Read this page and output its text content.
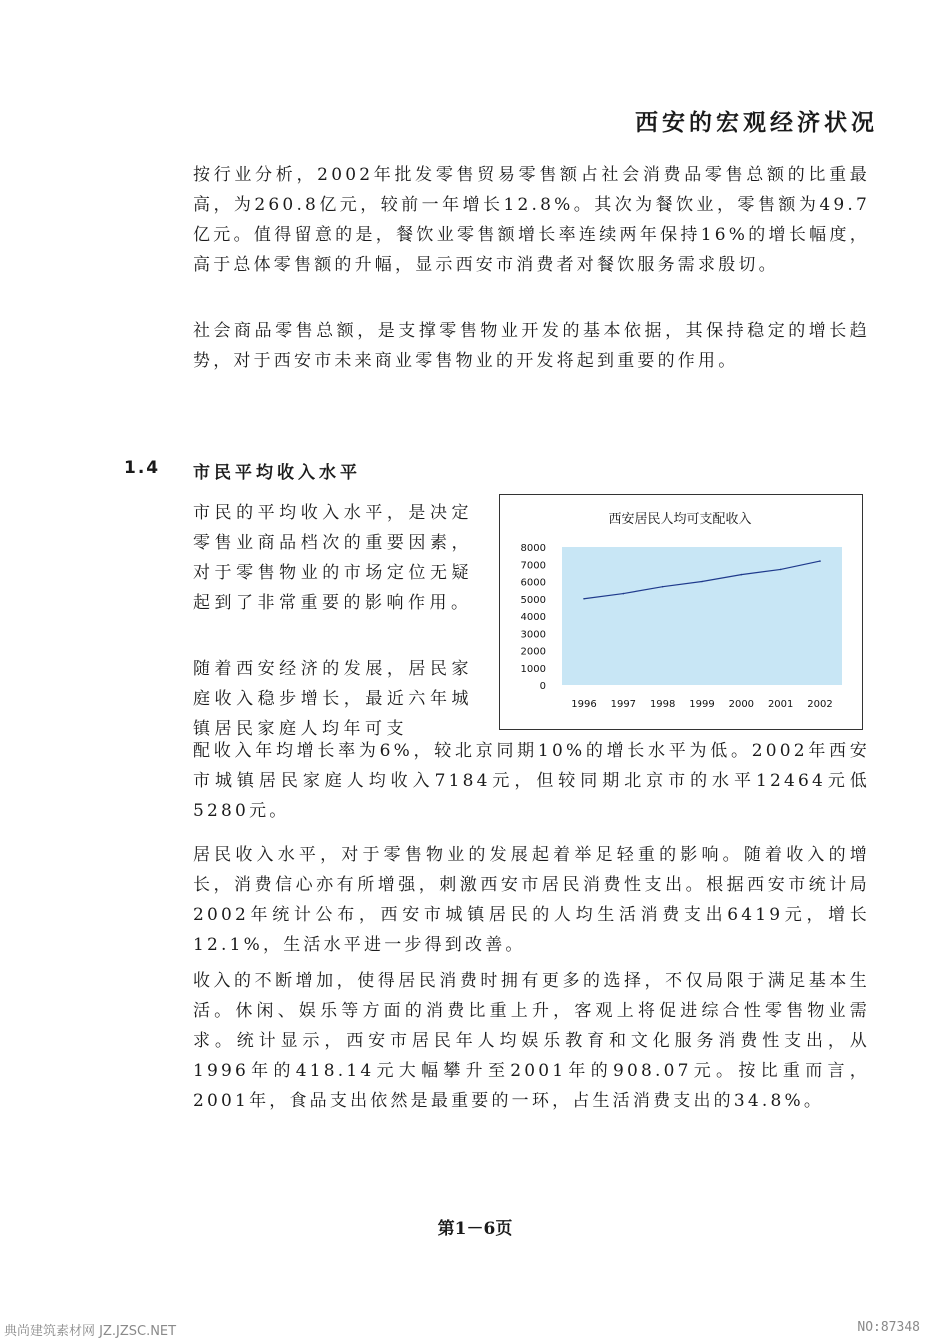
西安的宏观经济状况

按行业分析，2002年批发零售贸易零售额占社会消费品零售总额的比重最高，为260.8亿元，较前一年增长12.8%。其次为餐饮业，零售额为49.7亿元。值得留意的是，餐饮业零售额增长率连续两年保持16%的增长幅度，高于总体零售额的升幅，显示西安市消费者对餐饮服务需求殷切。

社会商品零售总额，是支撑零售物业开发的基本依据，其保持稳定的增长趋势，对于西安市未来商业零售物业的开发将起到重要的作用。

1.4 市民平均收入水平

市民的平均收入水平，是决定零售业商品档次的重要因素，对于零售物业的市场定位无疑起到了非常重要的影响作用。

随着西安经济的发展，居民家庭收入稳步增长，最近六年城镇居民家庭人均年可支

西安居民人均可支配收入
0
1000
2000
3000
4000
5000
6000
7000
8000
1996 1997 1998 1999 2000 2001 2002

配收入年均增长率为6%，较北京同期10%的增长水平为低。2002年西安市城镇居民家庭人均收入7184元，但较同期北京市的水平12464元低5280元。

居民收入水平，对于零售物业的发展起着举足轻重的影响。随着收入的增长，消费信心亦有所增强，刺激西安市居民消费性支出。根据西安市统计局2002年统计公布，西安市城镇居民的人均生活消费支出6419元，增长12.1%，生活水平进一步得到改善。

收入的不断增加，使得居民消费时拥有更多的选择，不仅局限于满足基本生活。休闲、娱乐等方面的消费比重上升，客观上将促进综合性零售物业需求。统计显示，西安市居民年人均娱乐教育和文化服务消费性支出，从1996年的418.14元大幅攀升至2001年的908.07元。按比重而言，2001年，食品支出依然是最重要的一环，占生活消费支出的34.8%。

第1－6页
典尚建筑素材网 JZ.JZSC.NET	NO:87348
